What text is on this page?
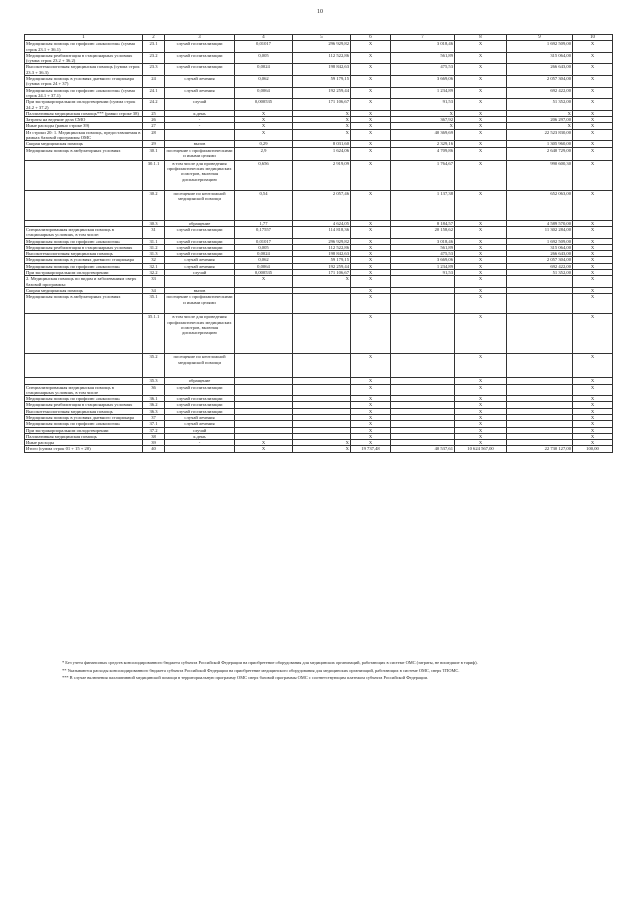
10
1	2	3	4	5	6	7	8	9	10
Медицинская помощь по профилю «онкология» (сумма строк 23.1 + 36.1)	23.1	случай госпитализации	0,01017	296 929,82	X	3 018,46	X	1 692 509,00	X
Медицинская реабилитация в стационарных условиях (сумма строк 23.2 + 36.2)	23.2	случай госпитализации	0,005	112 522,86	X	561,89	X	315 064,00	X
Высокотехнологичная медицинская помощь (сумма строк 23.3 + 36.3)	23.3	случай госпитализации	0,0024	198 842,63	X	475,53	X	266 643,00	X
Медицинская помощь в условиях дневного стационара (сумма строк 24 + 37)	24	случай лечения	0,062	59 179,15	X	3 669,06	X	2 057 304,00	X
Медицинская помощь по профилю «онкология» (сумма строк 24.1 + 37.1)	24.1	случай лечения	0,0064	192 259,44	X	1 234,89	X	692 422,00	X
При экстракорпоральном оплодотворении (сумма строк 24.2 + 37.2)	24.2	случай	0,000535	171 106,67	X	91,53	X	51 352,00	X
Паллиативная медицинская помощь*** (равно строке 38)	25	к.день	X	X	X	X	X	X	X
Затраты на ведение дела СМО	26	-	X	X	X	367,92	X	206 297,00	X
Иные расходы (равно строке 39)	27	-	X	X	X	X	X	X	X
Из строки 20: 1. Медицинская помощь, предоставляемая в рамках базовой программы ОМС	28		X	X	X	40 369,69	X	22 523 830,00	X
Скорая медицинская помощь	29	вызов	0,29	8 031,60	X	2 329,16	X	1 305 960,00	X
Медицинская помощь в амбулаторных условиях	30.1	посещение с профилактическими и иными целями	2,9	1 624,06	X	4 709,86	X	2 640 729,00	X
	30.1.1	в том числе для проведения профилактических медицинских осмотров, включая диспансеризацию	0,656	2 919,09	X	1 764,67	X	990 600,30	X
	30.2	посещение по неотложной медицинской помощи	0,54	2 057,46	X	1 137,38	X	652 063,00	X
	30.3	обращение	1,77	4 624,05	X	8 184,57	X	4 589 570,00	X
Специализированная медицинская помощь в стационарных условиях, в том числе:	31	случай госпитализации	0,17557	114 818,36	X	20 158,62	X	11 302 284,00	X
Медицинская помощь по профилю «онкология»	31.1	случай госпитализации	0,01017	296 929,82	X	3 018,46	X	1 692 509,00	X
Медицинская реабилитация в стационарных условиях	31.2	случай госпитализации	0,005	112 522,86	X	561,89	X	315 064,00	X
Высокотехнологичная медицинская помощь	31.3	случай госпитализации	0,0024	198 842,63	X	475,53	X	266 643,00	X
Медицинская помощь в условиях дневного стационара	32	случай лечения	0,062	59 179,15	X	3 669,06	X	2 057 304,00	X
Медицинская помощь по профилю «онкология»	32.1	случай лечения	0,0064	192 259,44	X	1 234,89	X	692 422,00	X
При экстракорпоральном оплодотворении	32.2	случай	0,000535	171 106,67	X	91,53	X	51 352,00	X
2. Медицинская помощь по видам и заболеваниям сверх базовой программы:	33		X	X	X		X		X
Скорая медицинская помощь	34	вызов			X		X		X
Медицинская помощь в амбулаторных условиях	35.1	посещение с профилактическими и иными целями			X		X		X
	35.1.1	в том числе для проведения профилактических медицинских осмотров, включая диспансеризацию			X		X		X
	35.2	посещение по неотложной медицинской помощи			X		X		X
	35.3	обращение			X		X		X
Специализированная медицинская помощь в стационарных условиях, в том числе	36	случай госпитализации			X		X		X
Медицинская помощь по профилю «онкология»	36.1	случай госпитализации			X		X		X
Медицинская реабилитация в стационарных условиях	36.2	случай госпитализации			X		X		X
Высокотехнологичная медицинская помощь	36.3	случай госпитализации			X		X		X
Медицинская помощь в условиях дневного стационара	37	случай лечения			X		X		X
Медицинская помощь по профилю «онкология»	37.1	случай лечения			X		X		X
При экстракорпоральном оплодотворении	37.2	случай			X		X		X
Паллиативная медицинская помощь	38	к.день			X		X		X
Иные расходы	39	-	X	X	X		X		X
Итого (сумма строк 01 + 15 + 20)	40		X	X	19 737,48	40 537,61	10 624 567,00	22 730 127,00	100,00

* Без учета финансовых средств консолидированного бюджета субъекта Российской Федерации на приобретение оборудования для медицинских организаций, работающих в системе ОМС (затраты, не вошедшие в тариф).

** Указываются расходы консолидированного бюджета субъекта Российской Федерации на приобретение медицинского оборудования для медицинских организаций, работающих в системе ОМС, сверх ТПОМС.

*** В случае включения паллиативной медицинской помощи в территориальную программу ОМС сверх базовой программы ОМС с соответствующим платежом субъекта Российской Федерации.
